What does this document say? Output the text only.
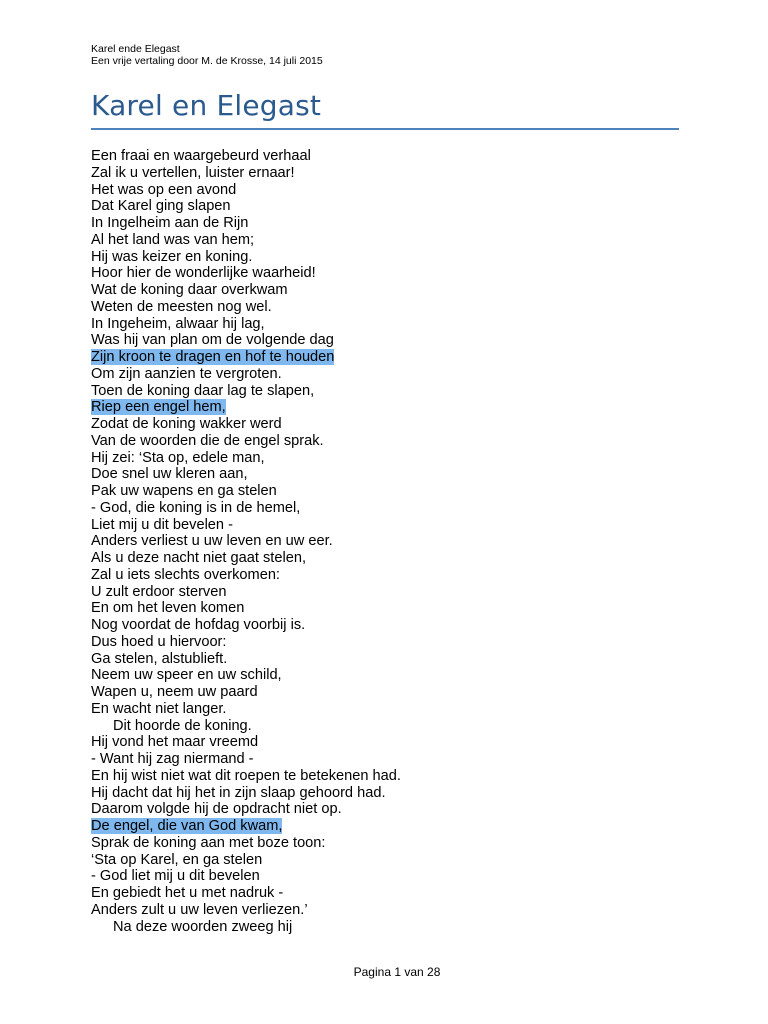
Karel ende Elegast
Een vrije vertaling door M. de Krosse, 14 juli 2015
Karel en Elegast
Een fraai en waargebeurd verhaal
Zal ik u vertellen, luister ernaar!
Het was op een avond
Dat Karel ging slapen
In Ingelheim aan de Rijn
Al het land was van hem;
Hij was keizer en koning.
Hoor hier de wonderlijke waarheid!
Wat de koning daar overkwam
Weten de meesten nog wel.
In Ingeheim, alwaar hij lag,
Was hij van plan om de volgende dag
Zijn kroon te dragen en hof te houden
Om zijn aanzien te vergroten.
Toen de koning daar lag te slapen,
Riep een engel hem,
Zodat de koning wakker werd
Van de woorden die de engel sprak.
Hij zei: ‘Sta op, edele man,
Doe snel uw kleren aan,
Pak uw wapens en ga stelen
- God, die koning is in de hemel,
Liet mij u dit bevelen -
Anders verliest u uw leven en uw eer.
Als u deze nacht niet gaat stelen,
Zal u iets slechts overkomen:
U zult erdoor sterven
En om het leven komen
Nog voordat de hofdag voorbij is.
Dus hoed u hiervoor:
Ga stelen, alstublieft.
Neem uw speer en uw schild,
Wapen u, neem uw paard
En wacht niet langer.
Dit hoorde de koning.
Hij vond het maar vreemd
- Want hij zag niermand -
En hij wist niet wat dit roepen te betekenen had.
Hij dacht dat hij het in zijn slaap gehoord had.
Daarom volgde hij de opdracht niet op.
De engel, die van God kwam,
Sprak de koning aan met boze toon:
‘Sta op Karel, en ga stelen
- God liet mij u dit bevelen
En gebiedt het u met nadruk -
Anders zult u uw leven verliezen.’
Na deze woorden zweeg hij
Pagina 1 van 28
